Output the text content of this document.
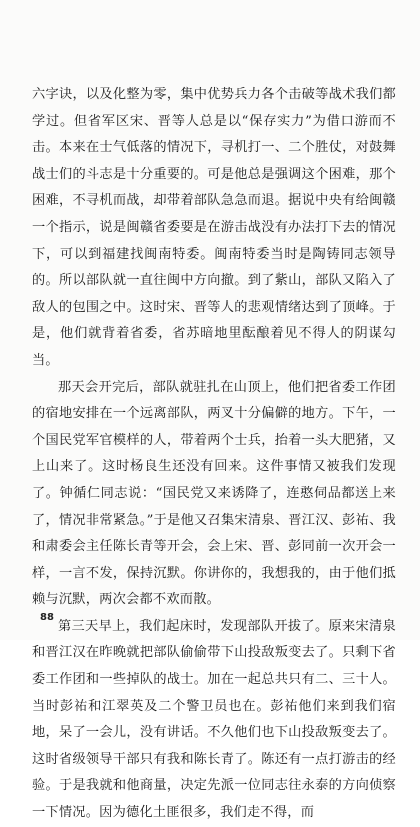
六字诀，以及化整为零，集中优势兵力各个击破等战术我们都学过。但省军区宋、晋等人总是以“保存实力”为借口游而不击。本来在士气低落的情况下，寻机打一、二个胜仗，对鼓舞战士们的斗志是十分重要的。可是他总是强调这个困难，那个困难，不寻机而战，却带着部队急急而退。据说中央有给闽赣一个指示，说是闽赣省委要是在游击战没有办法打下去的情况下，可以到福建找闽南特委。闽南特委当时是陶铸同志领导的。所以部队就一直往闽中方向撤。到了紫山，部队又陷入了敌人的包围之中。这时宋、晋等人的悲观情绪达到了顶峰。于是，他们就背着省委，省苏暗地里酝酿着见不得人的阴谋勾当。

那天会开完后，部队就驻扎在山顶上，他们把省委工作团的宿地安排在一个远离部队，两叉十分偏僻的地方。下午，一个国民党军官模样的人，带着两个士兵，抬着一头大肥猪，又上山来了。这时杨良生还没有回来。这件事情又被我们发现了。钟循仁同志说：“国民党又来诱降了，连憨伺品都送上来了，情况非常紧急。”于是他又召集宋清泉、晋江汉、彭祐、我和肃委会主任陈长青等开会，会上宋、晋、彭同前一次开会一样，一言不发，保持沉默。你讲你的，我想我的，由于他们抵赖与沉默，两次会都不欢而散。

第三天早上，我们起床时，发现部队开拔了。原来宋清泉和晋江汉在昨晚就把部队偷偷带下山投敌叛变去了。只剩下省委工作团和一些掉队的战士。加在一起总共只有二、三十人。当时彭祐和江翠英及二个警卫员也在。彭祐他们来到我们宿地，呆了一会儿，没有讲话。不久他们也下山投敌叛变去了。这时省级领导干部只有我和陈长青了。陈还有一点打游击的经验。于是我就和他商量，决定先派一位同志往永泰的方向侦察一下情况。因为德化土匪很多，我们走不得，而

88
